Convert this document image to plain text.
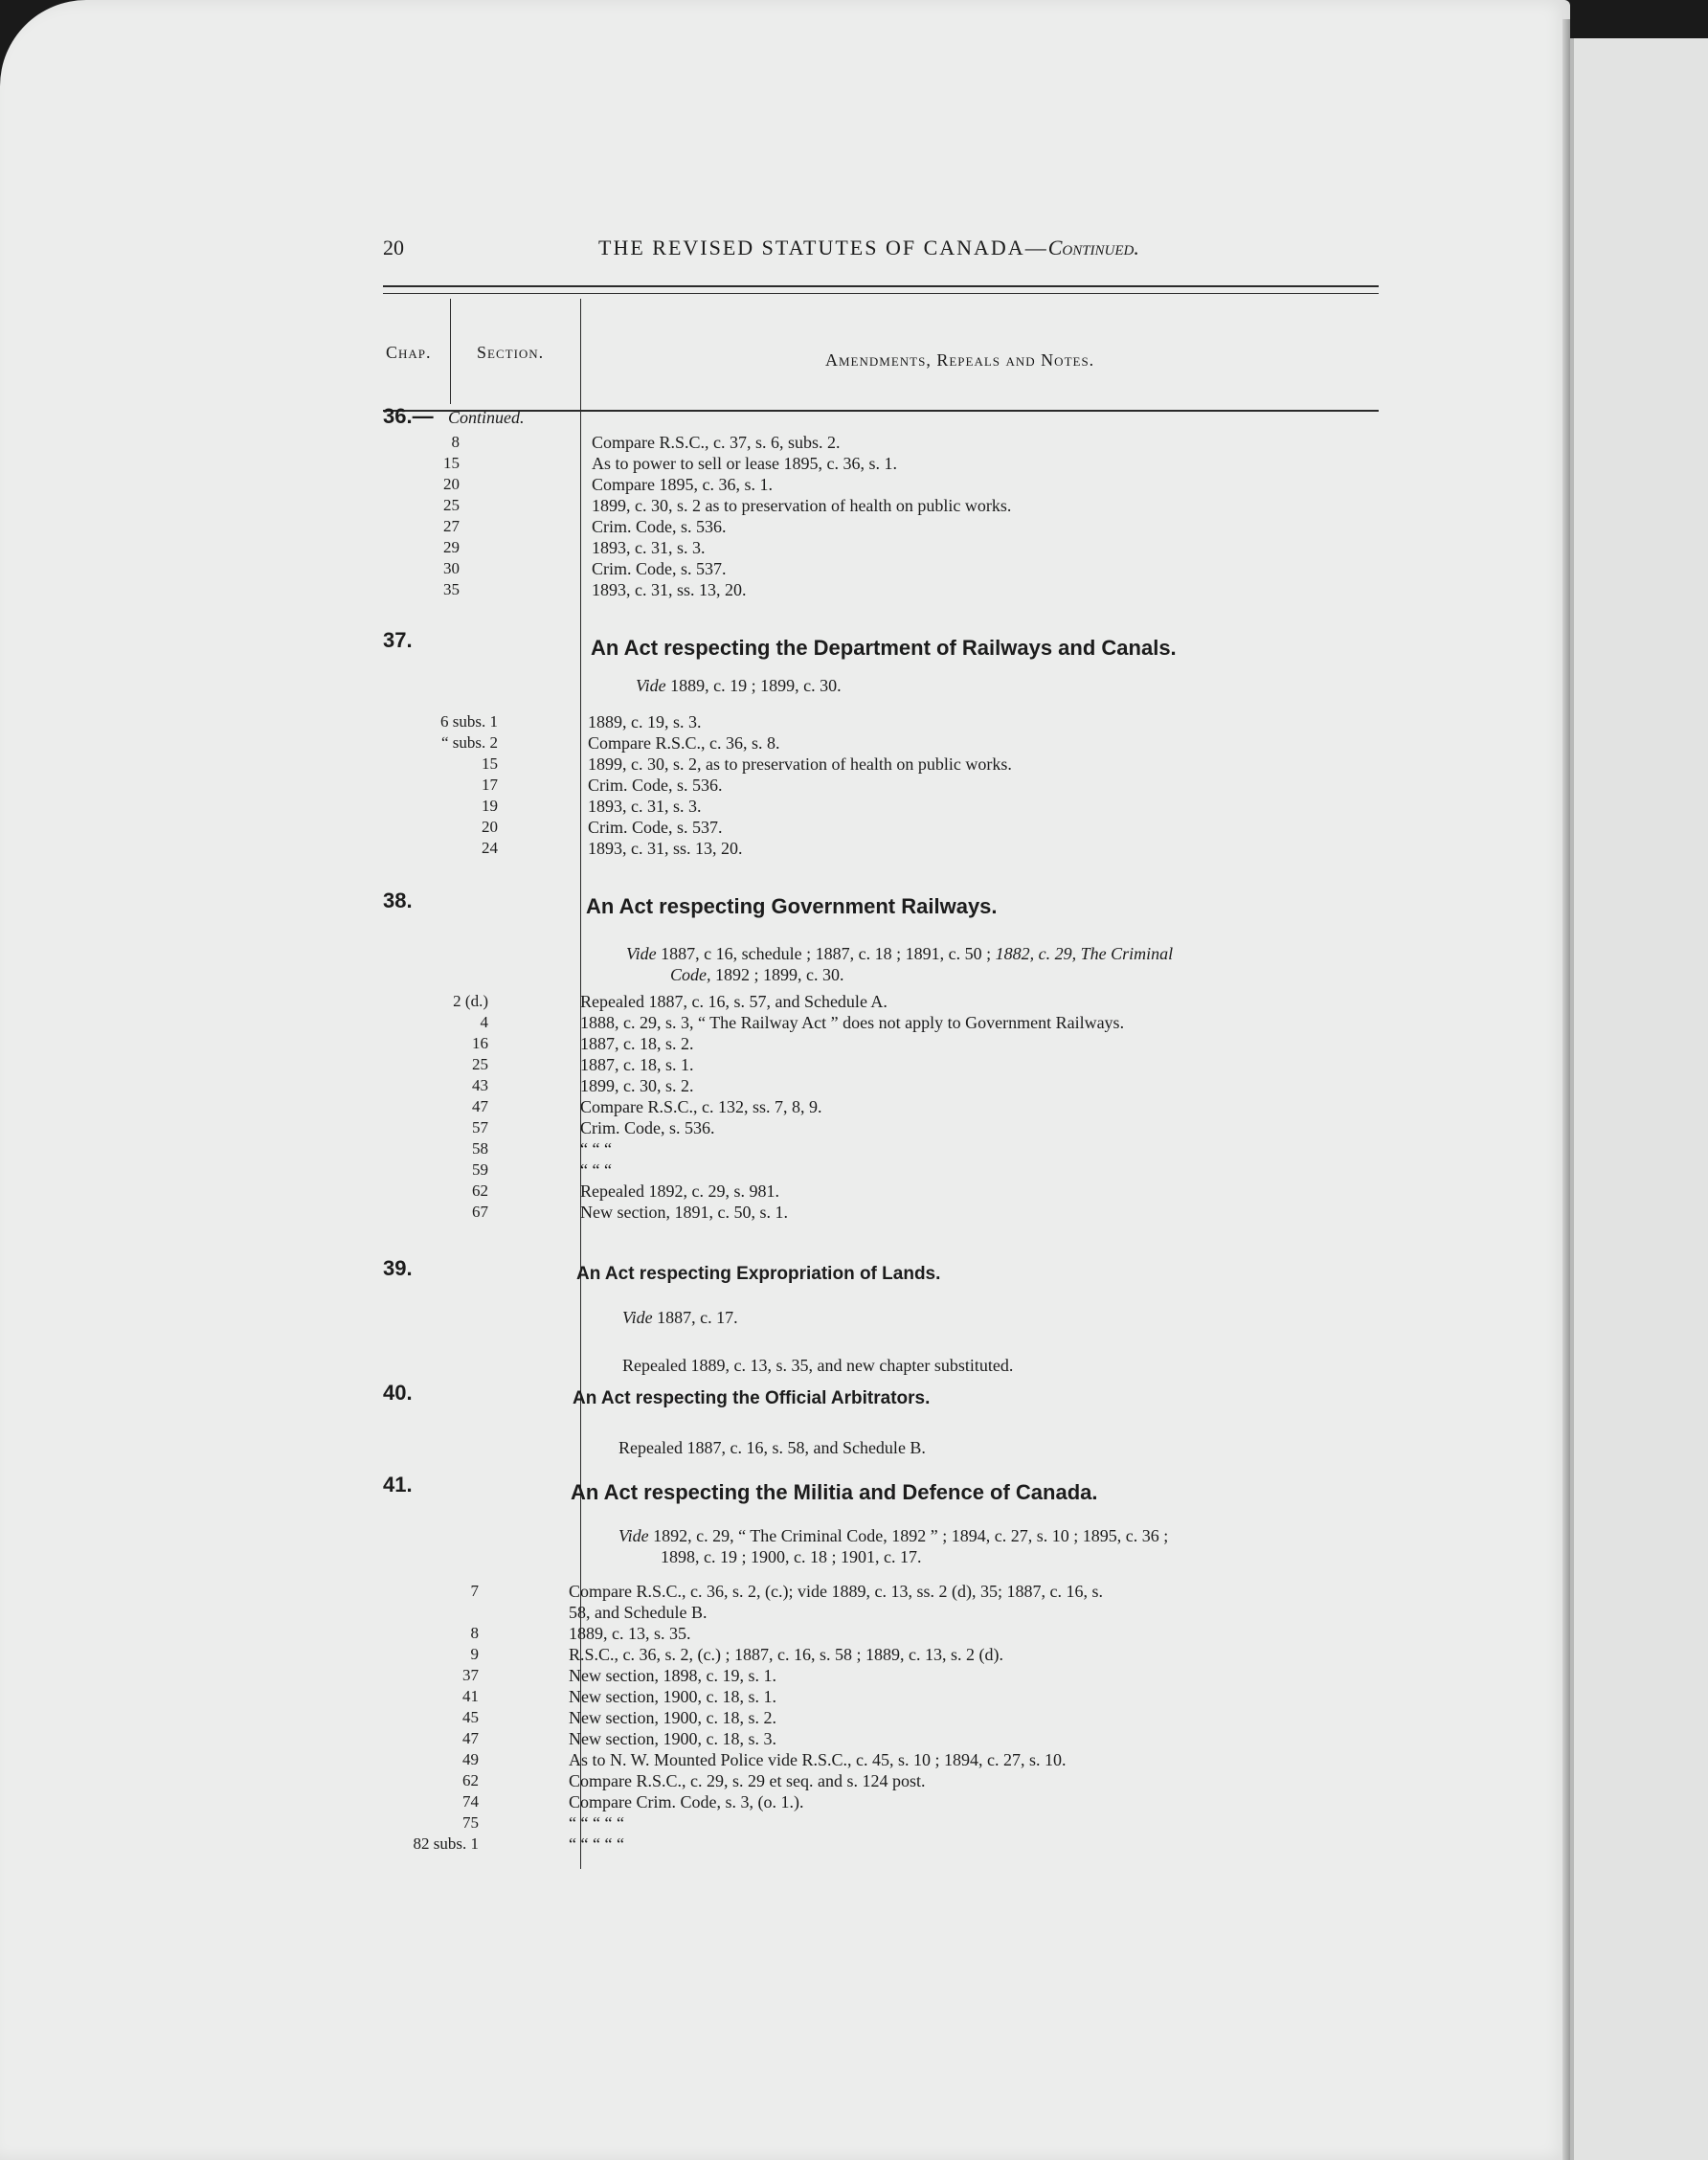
20	THE REVISED STATUTES OF CANADA—Continued.
Chap.	Section.	Amendments, Repeals and Notes.
36.— Continued.
8	Compare R.S.C., c. 37, s. 6, subs. 2.
15	As to power to sell or lease 1895, c. 36, s. 1.
20	Compare 1895, c. 36, s. 1.
25	1899, c. 30, s. 2 as to preservation of health on public works.
27	Crim. Code, s. 536.
29	1893, c. 31, s. 3.
30	Crim. Code, s. 537.
35	1893, c. 31, ss. 13, 20.
37.	An Act respecting the Department of Railways and Canals.
Vide 1889, c. 19 ; 1899, c. 30.
6 subs. 1	1889, c. 19, s. 3.
“ subs. 2	Compare R.S.C., c. 36, s. 8.
15	1899, c. 30, s. 2, as to preservation of health on public works.
17	Crim. Code, s. 536.
19	1893, c. 31, s. 3.
20	Crim. Code, s. 537.
24	1893, c. 31, ss. 13, 20.
38.	An Act respecting Government Railways.
Vide 1887, c 16, schedule ; 1887, c. 18 ; 1891, c. 50 ; 1882, c. 29, The Criminal
Code, 1892 ; 1899, c. 30.
2 (d.)	Repealed 1887, c. 16, s. 57, and Schedule A.
4	1888, c. 29, s. 3, “ The Railway Act ” does not apply to Government Railways.
16	1887, c. 18, s. 2.
25	1887, c. 18, s. 1.
43	1899, c. 30, s. 2.
47	Compare R.S.C., c. 132, ss. 7, 8, 9.
57	Crim. Code, s. 536.
58	“ “ “
59	“ “ “
62	Repealed 1892, c. 29, s. 981.
67	New section, 1891, c. 50, s. 1.
39.	An Act respecting Expropriation of Lands.
Vide 1887, c. 17.
Repealed 1889, c. 13, s. 35, and new chapter substituted.
40.	An Act respecting the Official Arbitrators.
Repealed 1887, c. 16, s. 58, and Schedule B.
41.	An Act respecting the Militia and Defence of Canada.
Vide 1892, c. 29, “ The Criminal Code, 1892 ” ; 1894, c. 27, s. 10 ; 1895, c. 36 ;
1898, c. 19 ; 1900, c. 18 ; 1901, c. 17.
7	Compare R.S.C., c. 36, s. 2, (c.); vide 1889, c. 13, ss. 2 (d), 35; 1887, c. 16, s.
58, and Schedule B.
8	1889, c. 13, s. 35.
9	R.S.C., c. 36, s. 2, (c.) ; 1887, c. 16, s. 58 ; 1889, c. 13, s. 2 (d).
37	New section, 1898, c. 19, s. 1.
41	New section, 1900, c. 18, s. 1.
45	New section, 1900, c. 18, s. 2.
47	New section, 1900, c. 18, s. 3.
49	As to N. W. Mounted Police vide R.S.C., c. 45, s. 10 ; 1894, c. 27, s. 10.
62	Compare R.S.C., c. 29, s. 29 et seq. and s. 124 post.
74	Compare Crim. Code, s. 3, (o. 1.).
75	“ “ “ “ “
82 subs. 1	“ “ “ “ “
